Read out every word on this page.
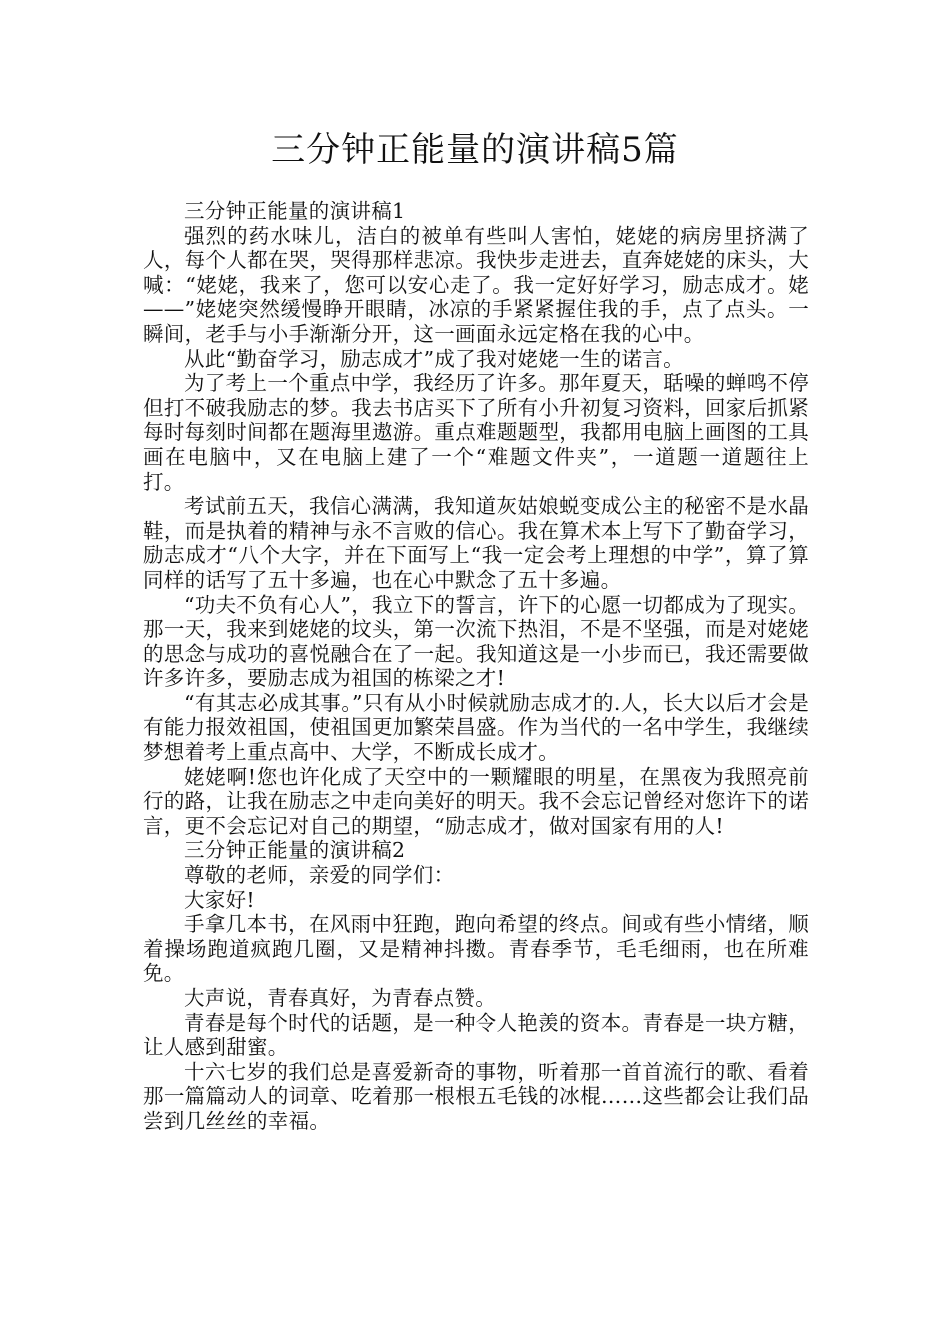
三分钟正能量的演讲稿5篇

三分钟正能量的演讲稿1

强烈的药水味儿，洁白的被单有些叫人害怕，姥姥的病房里挤满了人，每个人都在哭，哭得那样悲凉。我快步走进去，直奔姥姥的床头，大喊：“姥姥，我来了，您可以安心走了。我一定好好学习，励志成才。姥——”姥姥突然缓慢睁开眼睛，冰凉的手紧紧握住我的手，点了点头。一瞬间，老手与小手渐渐分开，这一画面永远定格在我的心中。

从此“勤奋学习，励志成才”成了我对姥姥一生的诺言。

为了考上一个重点中学，我经历了许多。那年夏天，聒噪的蝉鸣不停但打不破我励志的梦。我去书店买下了所有小升初复习资料，回家后抓紧每时每刻时间都在题海里遨游。重点难题题型，我都用电脑上画图的工具画在电脑中，又在电脑上建了一个“难题文件夹”，一道题一道题往上打。

考试前五天，我信心满满，我知道灰姑娘蜕变成公主的秘密不是水晶鞋，而是执着的精神与永不言败的信心。我在算术本上写下了勤奋学习，励志成才“八个大字，并在下面写上“我一定会考上理想的中学”，算了算同样的话写了五十多遍，也在心中默念了五十多遍。

“功夫不负有心人”，我立下的誓言，许下的心愿一切都成为了现实。那一天，我来到姥姥的坟头，第一次流下热泪，不是不坚强，而是对姥姥的思念与成功的喜悦融合在了一起。我知道这是一小步而已，我还需要做许多许多，要励志成为祖国的栋梁之才!

“有其志必成其事。”只有从小时候就励志成才的.人，长大以后才会是有能力报效祖国，使祖国更加繁荣昌盛。作为当代的一名中学生，我继续梦想着考上重点高中、大学，不断成长成才。

姥姥啊!您也许化成了天空中的一颗耀眼的明星，在黑夜为我照亮前行的路，让我在励志之中走向美好的明天。我不会忘记曾经对您许下的诺言，更不会忘记对自己的期望，“励志成才，做对国家有用的人!

三分钟正能量的演讲稿2

尊敬的老师，亲爱的同学们：

大家好!

手拿几本书，在风雨中狂跑，跑向希望的终点。间或有些小情绪，顺着操场跑道疯跑几圈，又是精神抖擞。青春季节，毛毛细雨，也在所难免。

大声说，青春真好，为青春点赞。

青春是每个时代的话题，是一种令人艳羡的资本。青春是一块方糖，让人感到甜蜜。

十六七岁的我们总是喜爱新奇的事物，听着那一首首流行的歌、看着那一篇篇动人的词章、吃着那一根根五毛钱的冰棍……这些都会让我们品尝到几丝丝的幸福。
